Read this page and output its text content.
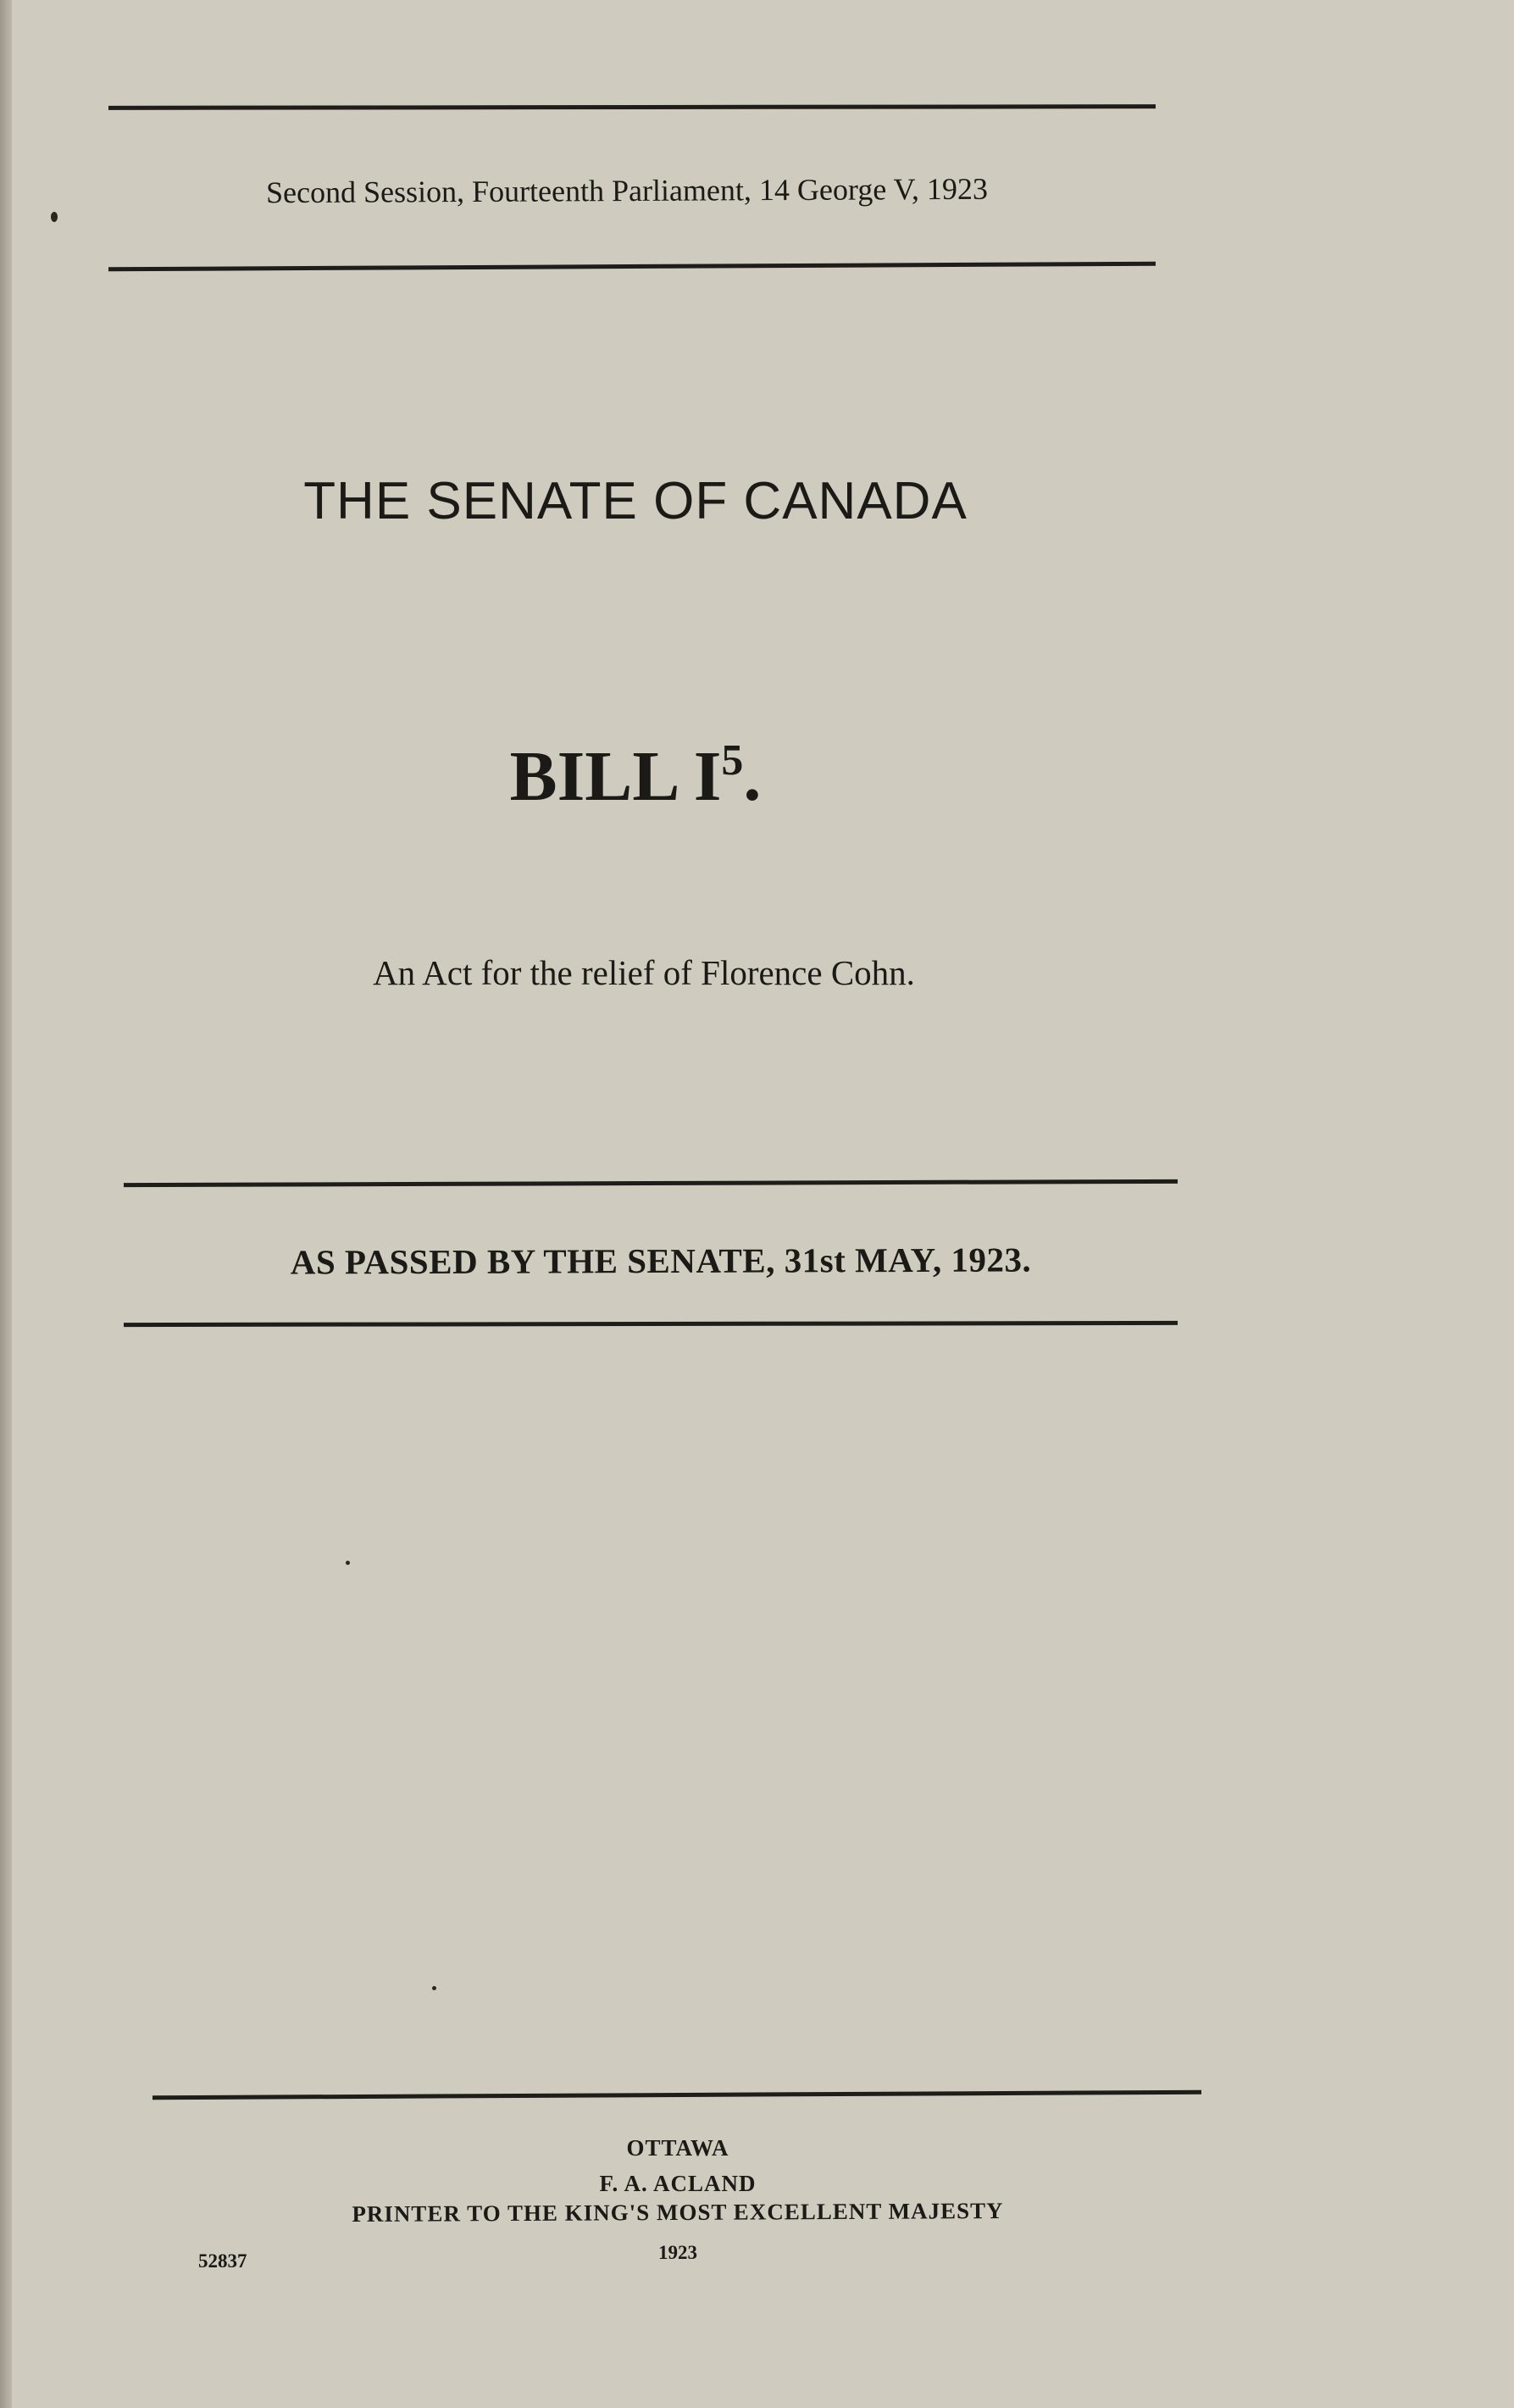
Second Session, Fourteenth Parliament, 14 George V, 1923

THE SENATE OF CANADA

BILL $I^5$.

An Act for the relief of Florence Cohn.

AS PASSED BY THE SENATE, 31st MAY, 1923.

OTTAWA

F. A. ACLAND

PRINTER TO THE KING'S MOST EXCELLENT MAJESTY

1923

52837
